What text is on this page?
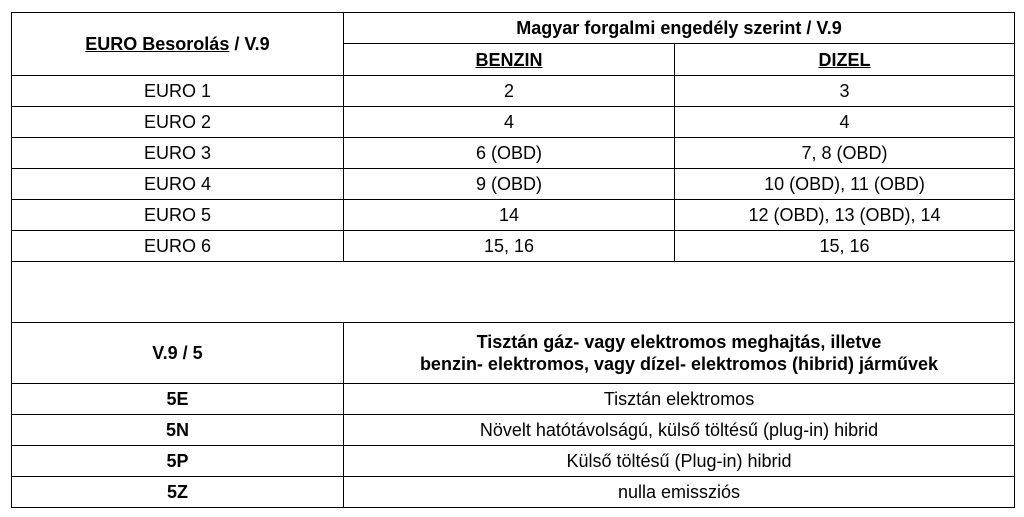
EURO Besorolás / V.9	Magyar forgalmi engedély szerint / V.9	
	BENZIN	DIZEL
EURO 1	2	3
EURO 2	4	4
EURO 3	6 (OBD)	7, 8 (OBD)
EURO 4	9 (OBD)	10 (OBD), 11 (OBD)
EURO 5	14	12 (OBD), 13 (OBD), 14
EURO 6	15, 16	15, 16

V.9 / 5	Tisztán gáz- vagy elektromos meghajtás, illetve
benzin- elektromos, vagy dízel- elektromos (hibrid) járművek	

5E	Tisztán elektromos	
5N	Növelt hatótávolságú, külső töltésű (plug-in) hibrid	
5P	Külső töltésű (Plug-in) hibrid	
5Z	nulla emissziós	
